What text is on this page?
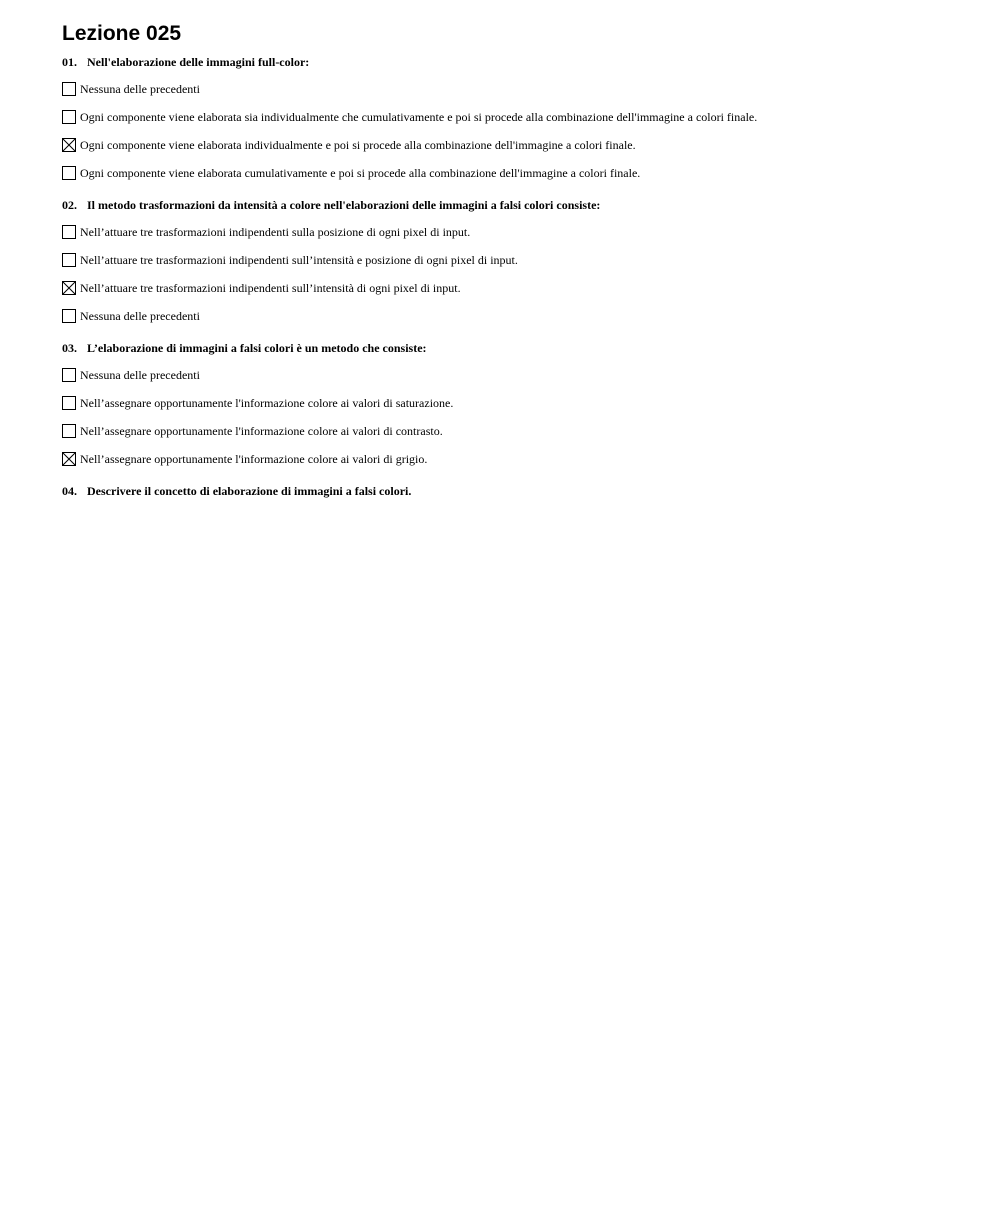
Lezione 025
01. Nell'elaborazione delle immagini full-color:
Nessuna delle precedenti
Ogni componente viene elaborata sia individualmente che cumulativamente e poi si procede alla combinazione dell'immagine a colori finale.
Ogni componente viene elaborata individualmente e poi si procede alla combinazione dell'immagine a colori finale.
Ogni componente viene elaborata cumulativamente e poi si procede alla combinazione dell'immagine a colori finale.
02. Il metodo trasformazioni da intensità a colore nell'elaborazioni delle immagini a falsi colori consiste:
Nell’attuare tre trasformazioni indipendenti sulla posizione di ogni pixel di input.
Nell’attuare tre trasformazioni indipendenti sull’intensità e posizione di ogni pixel di input.
Nell’attuare tre trasformazioni indipendenti sull’intensità di ogni pixel di input.
Nessuna delle precedenti
03. L’elaborazione di immagini a falsi colori è un metodo che consiste:
Nessuna delle precedenti
Nell’assegnare opportunamente l'informazione colore ai valori di saturazione.
Nell’assegnare opportunamente l'informazione colore ai valori di contrasto.
Nell’assegnare opportunamente l'informazione colore ai valori di grigio.
04. Descrivere il concetto di elaborazione di immagini a falsi colori.
